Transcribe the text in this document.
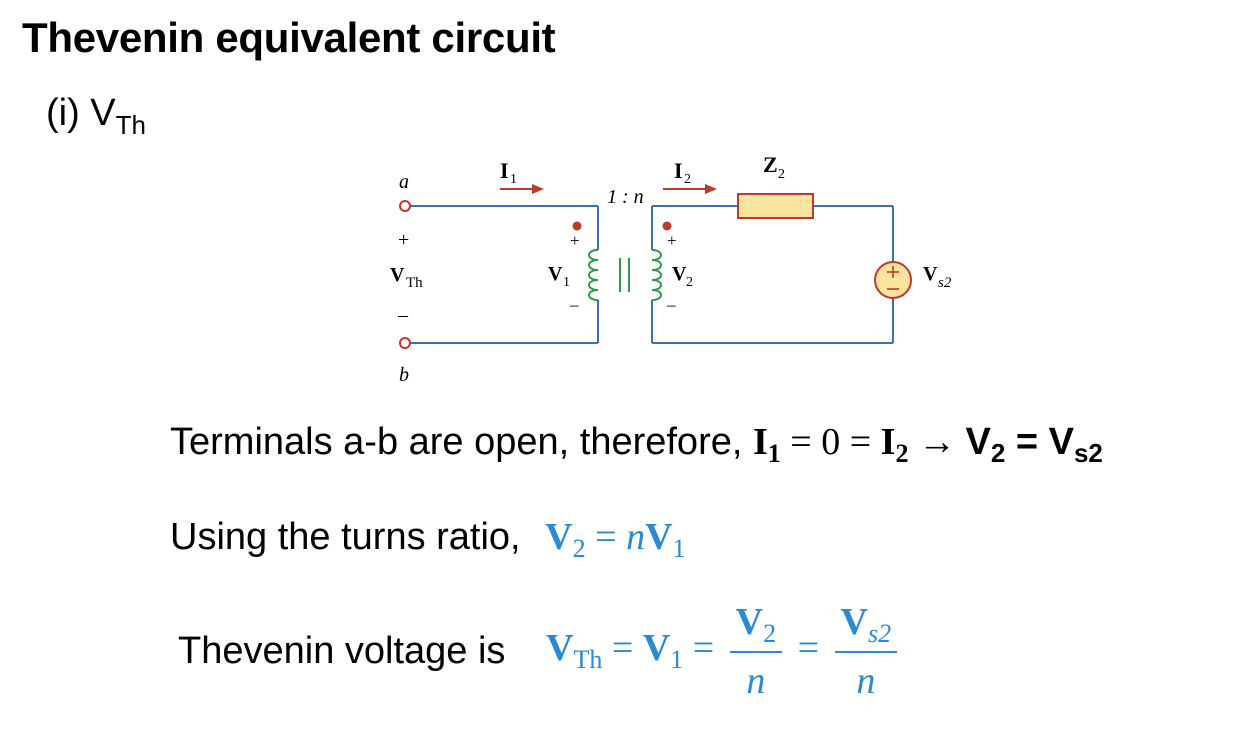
Thevenin equivalent circuit
(i) $V_{Th}$
a
b
+
–
V Th
I 1	I 2
1 : n
+
–
V 1
+
–
V 2
Z 2
V s2
Terminals a-b are open, therefore, $I_1 = 0 = I_2 \to V_2 = V_{s2}$
Using the turns ratio, $V_2 = nV_1$
Thevenin voltage is $V_{Th} = V_1 = \frac{V_2}{n} = \frac{V_{s2}}{n}$
